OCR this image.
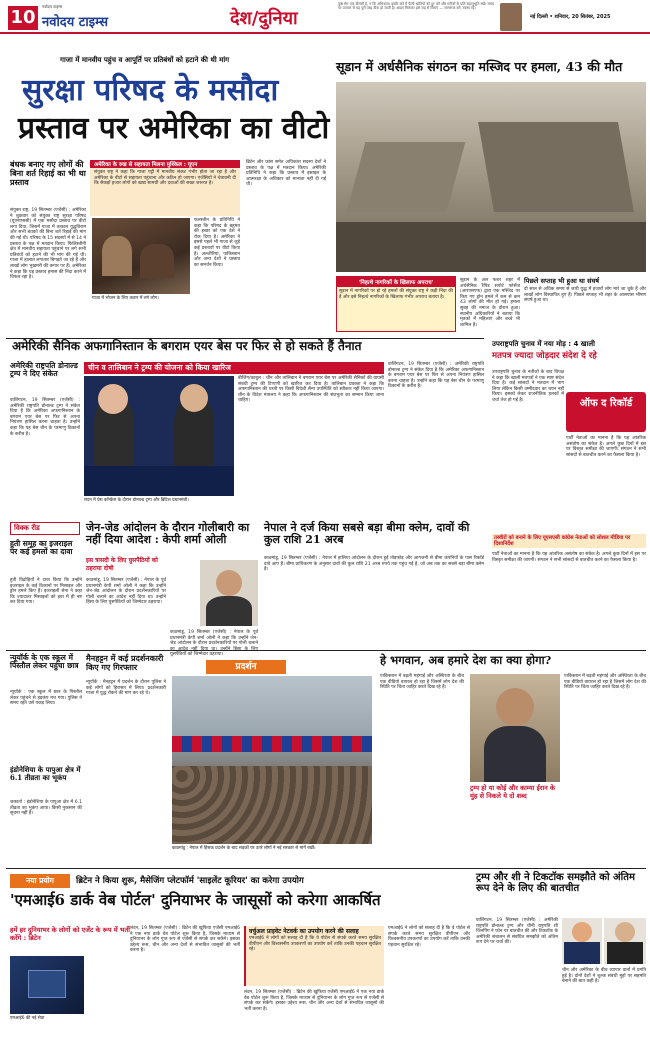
10
नवोदय टाइम्स
नवोदय टाइम्स	देश/दुनिया
कुष्ठ रोग एक बीमारी है, न कि अभिशाप। इसके बारे में फैली भ्रांतियों को दूर करें और मरीजों के प्रति सहानुभूति रखें। समय पर उपचार से यह पूरी तरह ठीक हो जाती है। आइए मिलकर इसे जड़ से मिटाएं — जागरूक बनें, स्वस्थ रहें।
नई दिल्ली • शनिवार, 20 सितंबर, 2025
गाजा में मानवीय पहुंच व आपूर्ति पर प्रतिबंधों को हटाने की थी मांग
सुरक्षा परिषद के मसौदा
प्रस्ताव पर अमेरिका का वीटो
बंधक बनाए गए लोगों की बिना शर्त रिहाई का भी था प्रस्ताव
संयुक्त राष्ट्र, 19 सितम्बर (एजेंसी) : अमेरिका ने शुक्रवार को संयुक्त राष्ट्र सुरक्षा परिषद (यूएनएससी) में एक मसौदा प्रस्ताव पर वीटो लगा दिया, जिसमें गाजा में तत्काल युद्धविराम और सभी बंधकों की बिना शर्त रिहाई की मांग की गई थी। परिषद के 15 सदस्यों में से 14 ने प्रस्ताव के पक्ष में मतदान किया। फिलिस्तीनी क्षेत्र में मानवीय सहायता पहुंचाने पर लगे सभी प्रतिबंधों को हटाने की भी मांग की गई थी। गाजा में हालात लगातार बिगड़ते जा रहे हैं और लाखों लोग भुखमरी की कगार पर हैं। अमेरिका ने कहा कि यह प्रस्ताव हमास की निंदा करने में विफल रहा है।
अमेरिका के रुख से सहायता मिलना मुश्किल : यूएन
संयुक्त राष्ट्र ने कहा कि गाजा पट्टी में मानवीय संकट गंभीर होता जा रहा है और अमेरिका के वीटो से सहायता पहुंचाना और कठिन हो जाएगा। एजेंसियों ने चेतावनी दी कि सैकड़ों हजार लोगों को खाद्य सामग्री और दवाओं की सख्त जरूरत है।
गाजा में भोजन के लिए कतार में लगे लोग।
फलस्तीन के प्रतिनिधि ने कहा कि परिषद के बहुमत की इच्छा को एक देश ने रोक दिया है। अमेरिका ने इससे पहले भी गाजा से जुड़े कई प्रस्तावों पर वीटो किया है। अल्जीरिया, पाकिस्तान और अन्य देशों ने प्रस्ताव का समर्थन किया।
ब्रिटेन और फ्रांस समेत अधिकांश सदस्य देशों ने प्रस्ताव के पक्ष में मतदान किया। अमेरिकी प्रतिनिधि ने कहा कि प्रस्ताव में इस्राइल के आत्मरक्षा के अधिकार को मान्यता नहीं दी गई थी।
सूडान में अर्धसैनिक संगठन का मस्जिद पर हमला, 43 की मौत
'निहत्थे नागरिकों के खिलाफ अपराध'
सूडान में नागरिकों पर हो रहे हमलों की संयुक्त राष्ट्र ने कड़ी निंदा की है और इसे निहत्थे नागरिकों के खिलाफ गंभीर अपराध बताया है।
सूडान के अल फशर शहर में अर्धसैनिक रैपिड सपोर्ट फोर्सेज (आरएसएफ) द्वारा एक मस्जिद पर किए गए ड्रोन हमले में कम से कम 43 लोगों की मौत हो गई। हमला सुबह की नमाज के दौरान हुआ। स्थानीय अधिकारियों ने बताया कि मृतकों में महिलाएं और बच्चे भी शामिल हैं।
पिछले सप्ताह भी हुआ था संघर्ष
दो साल से अधिक समय से जारी युद्ध में हजारों लोग मारे जा चुके हैं और लाखों लोग विस्थापित हुए हैं। पिछले सप्ताह भी शहर के आसपास भीषण संघर्ष हुआ था।
अमेरिकी सैनिक अफगानिस्तान के बगराम एयर बेस पर फिर से हो सकते हैं तैनात
अमेरिकी राष्ट्रपति डोनाल्ड ट्रम्प ने दिए संकेत
वाशिंगटन, 19 सितम्बर (एजेंसी) : अमेरिकी राष्ट्रपति डोनाल्ड ट्रम्प ने संकेत दिया है कि अमेरिका अफगानिस्तान के बगराम एयर बेस पर फिर से अपना नियंत्रण हासिल करना चाहता है। उन्होंने कहा कि यह बेस चीन के परमाणु ठिकानों के करीब है।
चीन व तालिबान ने ट्रम्प की योजना को किया खारिज
लंदन में प्रेस कॉन्फ्रेंस के दौरान डोनाल्ड ट्रम्प और ब्रिटिश प्रधानमंत्री।
बीजिंग/काबुल : चीन और तालिबान ने बगराम एयर बेस पर अमेरिकी सैनिकों की वापसी संबंधी ट्रम्प की टिप्पणी को खारिज कर दिया है। तालिबान प्रवक्ता ने कहा कि अफगानिस्तान की धरती पर किसी विदेशी सैन्य उपस्थिति को स्वीकार नहीं किया जाएगा। चीन के विदेश मंत्रालय ने कहा कि अफगानिस्तान की संप्रभुता का सम्मान किया जाना चाहिए।
वाशिंगटन, 19 सितम्बर (एजेंसी) : अमेरिकी राष्ट्रपति डोनाल्ड ट्रम्प ने संकेत दिया है कि अमेरिका अफगानिस्तान के बगराम एयर बेस पर फिर से अपना नियंत्रण हासिल करना चाहता है। उन्होंने कहा कि यह बेस चीन के परमाणु ठिकानों के करीब है।
उपराष्ट्रपति चुनाव में नया मोड़ : 4 खाली
मतपत्र ज्यादा जोड़दार संदेश दे रहे
उपराष्ट्रपति चुनाव के नतीजों के बाद विपक्ष ने कहा कि खाली मतपत्रों ने एक स्पष्ट संदेश दिया है। कई सांसदों ने मतदान में भाग लिया लेकिन किसी उम्मीदवार का चयन नहीं किया। इसको लेकर राजनीतिक हलकों में चर्चा तेज हो गई है।	ऑफ द रिकॉर्ड
पार्टी नेताओं का मानना है कि यह आंतरिक असंतोष का संकेत है। अगले कुछ दिनों में इस पर विस्तृत समीक्षा की जाएगी। संगठन ने सभी सांसदों से बातचीत करने का फैसला किया है।
विक्क रीड
हुती समूह का इजराइल पर कई हमलों का दावा
हुती विद्रोहियों ने दावा किया कि उन्होंने इजराइल के कई ठिकानों पर मिसाइल और ड्रोन हमले किए हैं। इजराइली सेना ने कहा कि ज्यादातर मिसाइलों को हवा में ही नष्ट कर दिया गया।
जेन-जेड आंदोलन के दौरान गोलीबारी का नहीं दिया आदेश : केपी शर्मा ओली
इस त्रासदी के लिए घुसपैठियों को ठहराया दोषी
काठमांडू, 19 सितम्बर (एजेंसी) : नेपाल के पूर्व प्रधानमंत्री केपी शर्मा ओली ने कहा कि उन्होंने जेन-जेड आंदोलन के दौरान प्रदर्शनकारियों पर गोली चलाने का आदेश नहीं दिया था। उन्होंने हिंसा के लिए घुसपैठियों को जिम्मेदार ठहराया।
काठमांडू, 19 सितम्बर (एजेंसी) : नेपाल के पूर्व प्रधानमंत्री केपी शर्मा ओली ने कहा कि उन्होंने जेन-जेड आंदोलन के दौरान प्रदर्शनकारियों पर गोली चलाने घुसपैठियों को जिम्मेदार ठहराया।
नेपाल ने दर्ज किया सबसे बड़ा बीमा क्लेम, दावों की कुल राशि 21 अरब
काठमांडू, 19 सितम्बर (एजेंसी) : नेपाल में हालिया आंदोलन के दौरान हुई तोड़फोड़ और आगजनी से बीमा कंपनियों के पास रिकॉर्ड दावे आए हैं। बीमा प्राधिकरण के अनुसार दावों की कुल राशि 21 अरब रुपये तक पहुंच गई है, जो अब तक का सबसे बड़ा बीमा क्लेम है।
तस्वीरों को बनाने के लिए यूएसएसी कांग्रेस नेताओं को सोशल मीडिया पर दिशानिर्देश
पार्टी नेताओं का मानना है कि यह आंतरिक असंतोष का संकेत है। अगले कुछ दिनों में इस पर विस्तृत समीक्षा की जाएगी। संगठन ने सभी सांसदों से बातचीत करने का फैसला किया है।
न्यूयॉर्क के एक स्कूल में पिस्तौल लेकर पहुंचा छात्र
न्यूयॉर्क : एक स्कूल में छात्र के पिस्तौल लेकर पहुंचने से हड़कंप मच गया। पुलिस ने समय रहते उसे पकड़ लिया।
इंडोनेशिया के पापुआ क्षेत्र में 6.1 तीव्रता का भूकंप
जकार्ता : इंडोनेशिया के पापुआ क्षेत्र में 6.1 तीव्रता का भूकंप आया। किसी नुकसान की सूचना नहीं है।
मैनहट्टन में कई प्रदर्शनकारी किए गए गिरफ्तार
न्यूयॉर्क : मैनहट्टन में प्रदर्शन के दौरान पुलिस ने कई लोगों को हिरासत में लिया। प्रदर्शनकारी गाजा में युद्ध रोकने की मांग कर रहे थे।
प्रदर्शन
काठमांडू : नेपाल में हिंसक प्रदर्शन के बाद सड़कों पर उतरे लोगों ने नई सरकार से मांगें रखीं।
हे भगवान, अब हमारे देश का क्या होगा?
पाकिस्तान में बढ़ती महंगाई और अस्थिरता के बीच एक वीडियो वायरल हो रहा है जिसमें लोग देश की स्थिति पर चिंता जाहिर करते दिख रहे हैं।
ट्रम्प हो या कोई और काम्या ईरान के मुंह से निकले ये दो शब्द
पाकिस्तान में बढ़ती महंगाई और अस्थिरता के बीच एक वीडियो वायरल हो रहा है जिसमें लोग देश की स्थिति पर चिंता जाहिर करते दिख रहे हैं।
नया प्रयोग	ब्रिटेन ने किया शुरू, मैसेजिंग प्लेटफॉर्म 'साइलेंट कूरियर' का करेगा उपयोग
'एमआई6 डार्क वेब पोर्टल' दुनियाभर के जासूसों को करेगा आकर्षित
हमें हर दुनियाभर के लोगों को एजेंट के रूप में भर्ती करेंगे : ब्रिटेन
एमआई6 की नई सेवा
लंदन, 19 सितम्बर (एजेंसी) : ब्रिटेन की खुफिया एजेंसी एमआई6 ने एक नया डार्क वेब पोर्टल शुरू किया है, जिसके माध्यम से दुनियाभर के लोग गुप्त रूप से एजेंसी से संपर्क कर सकेंगे। इसका उद्देश्य रूस, चीन और अन्य देशों से संभावित जासूसों की भर्ती करना है।
वर्चुअल प्राइवेट नेटवर्क का उपयोग करने की सलाह
एमआई6 ने लोगों को सलाह दी है कि वे पोर्टल से संपर्क करते समय सुरक्षित वीपीएन और विश्वसनीय उपकरणों का उपयोग करें ताकि उनकी पहचान सुरक्षित रहे।
लंदन, 19 सितम्बर (एजेंसी) : ब्रिटेन की खुफिया एजेंसी एमआई6 ने एक नया डार्क वेब पोर्टल शुरू किया है, जिसके माध्यम से दुनियाभर के लोग गुप्त रूप से एजेंसी से संपर्क कर सकेंगे। इसका उद्देश्य रूस, चीन और अन्य देशों से संभावित जासूसों की भर्ती करना है।
एमआई6 ने लोगों को सलाह दी है कि वे पोर्टल से संपर्क करते समय सुरक्षित वीपीएन और विश्वसनीय उपकरणों का उपयोग करें ताकि उनकी पहचान सुरक्षित रहे।
ट्रम्प और शी ने टिकटॉक समझौते को अंतिम रूप देने के लिए की बातचीत
वाशिंगटन, 19 सितम्बर (एजेंसी) : अमेरिकी राष्ट्रपति डोनाल्ड ट्रम्प और चीनी राष्ट्रपति शी जिनपिंग ने फोन पर बातचीत की और टिकटॉक के अमेरिकी संचालन से संबंधित समझौते को अंतिम रूप देने पर चर्चा की।
चीन और अमेरिका के बीच व्यापार वार्ता में प्रगति हुई है। दोनों देशों ने शुल्क संबंधी मुद्दों पर सहमति बनाने की बात कही है।
